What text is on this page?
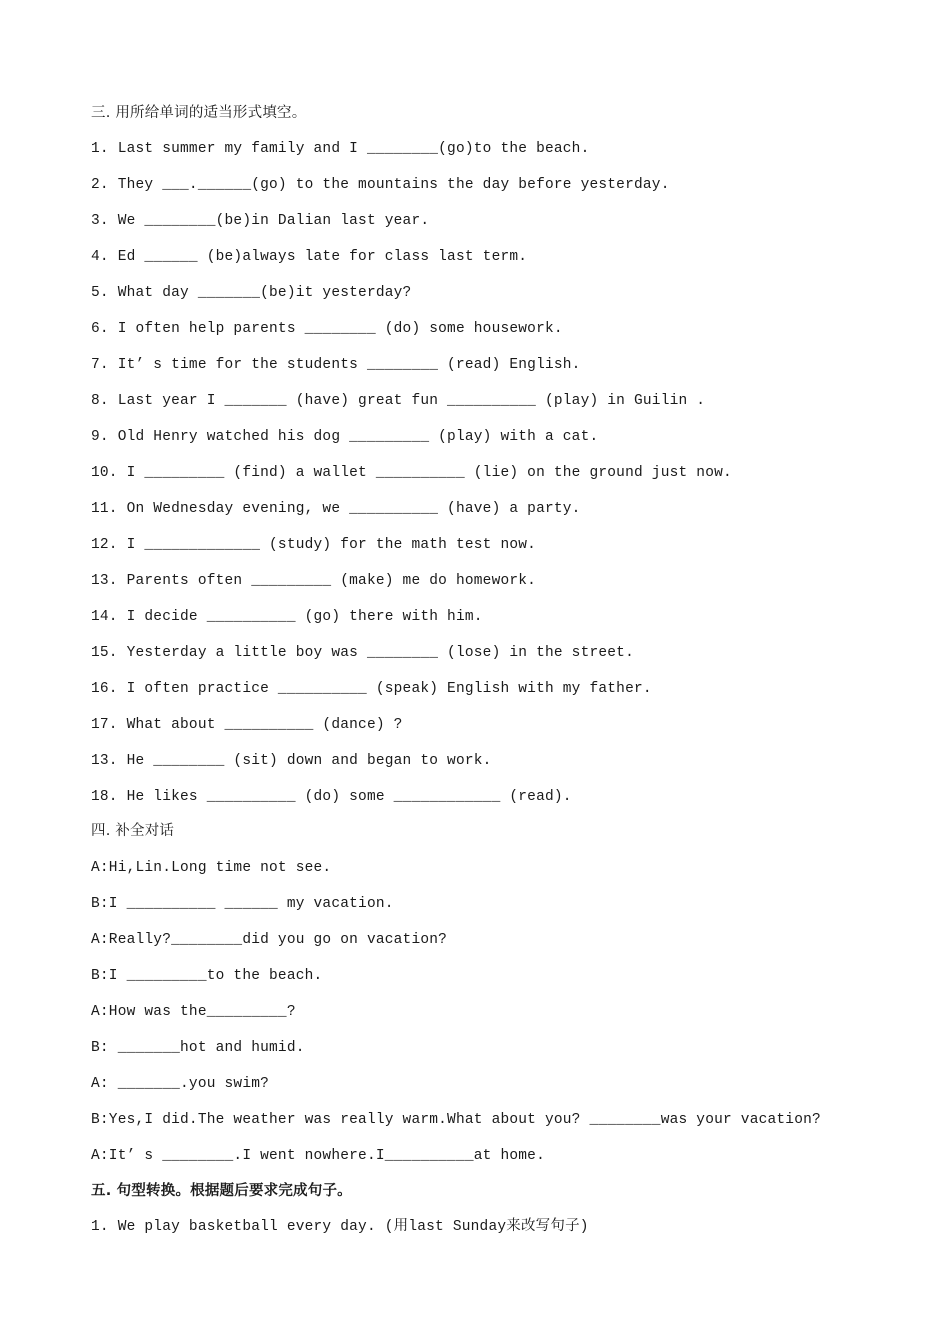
三. 用所给单词的适当形式填空。
1. Last summer my family and I ________(go)to the beach.
2. They ___.______(go) to the mountains the day before yesterday.
3. We ________(be)in Dalian last year.
4. Ed ______ (be)always late for class last term.
5. What day _______(be)it yesterday?
6. I often help parents ________ (do) some housework.
7. It’ s time for the students ________ (read) English.
8. Last year I _______ (have) great fun __________ (play) in Guilin .
9. Old Henry watched his dog _________ (play) with a cat.
10. I _________ (find) a wallet __________ (lie) on the ground just now.
11. On Wednesday evening, we __________ (have) a party.
12. I _____________ (study) for the math test now.
13. Parents often _________ (make) me do homework.
14. I decide __________ (go) there with him.
15. Yesterday a little boy was ________ (lose) in the street.
16. I often practice __________ (speak) English with my father.
17. What about __________ (dance) ?
13. He ________ (sit) down and began to work.
18. He likes __________ (do) some ____________ (read).
四. 补全对话
A:Hi,Lin.Long time not see.
B:I __________ ______ my vacation.
A:Really?________did you go on vacation?
B:I _________to the beach.
A:How was the_________?
B: _______hot and humid.
A: _______.you swim?
B:Yes,I did.The weather was really warm.What about you? ________was your vacation?
A:It’ s ________.I went nowhere.I__________at home.
五. 句型转换。根据题后要求完成句子。
1. We play basketball every day. (用last Sunday来改写句子)
